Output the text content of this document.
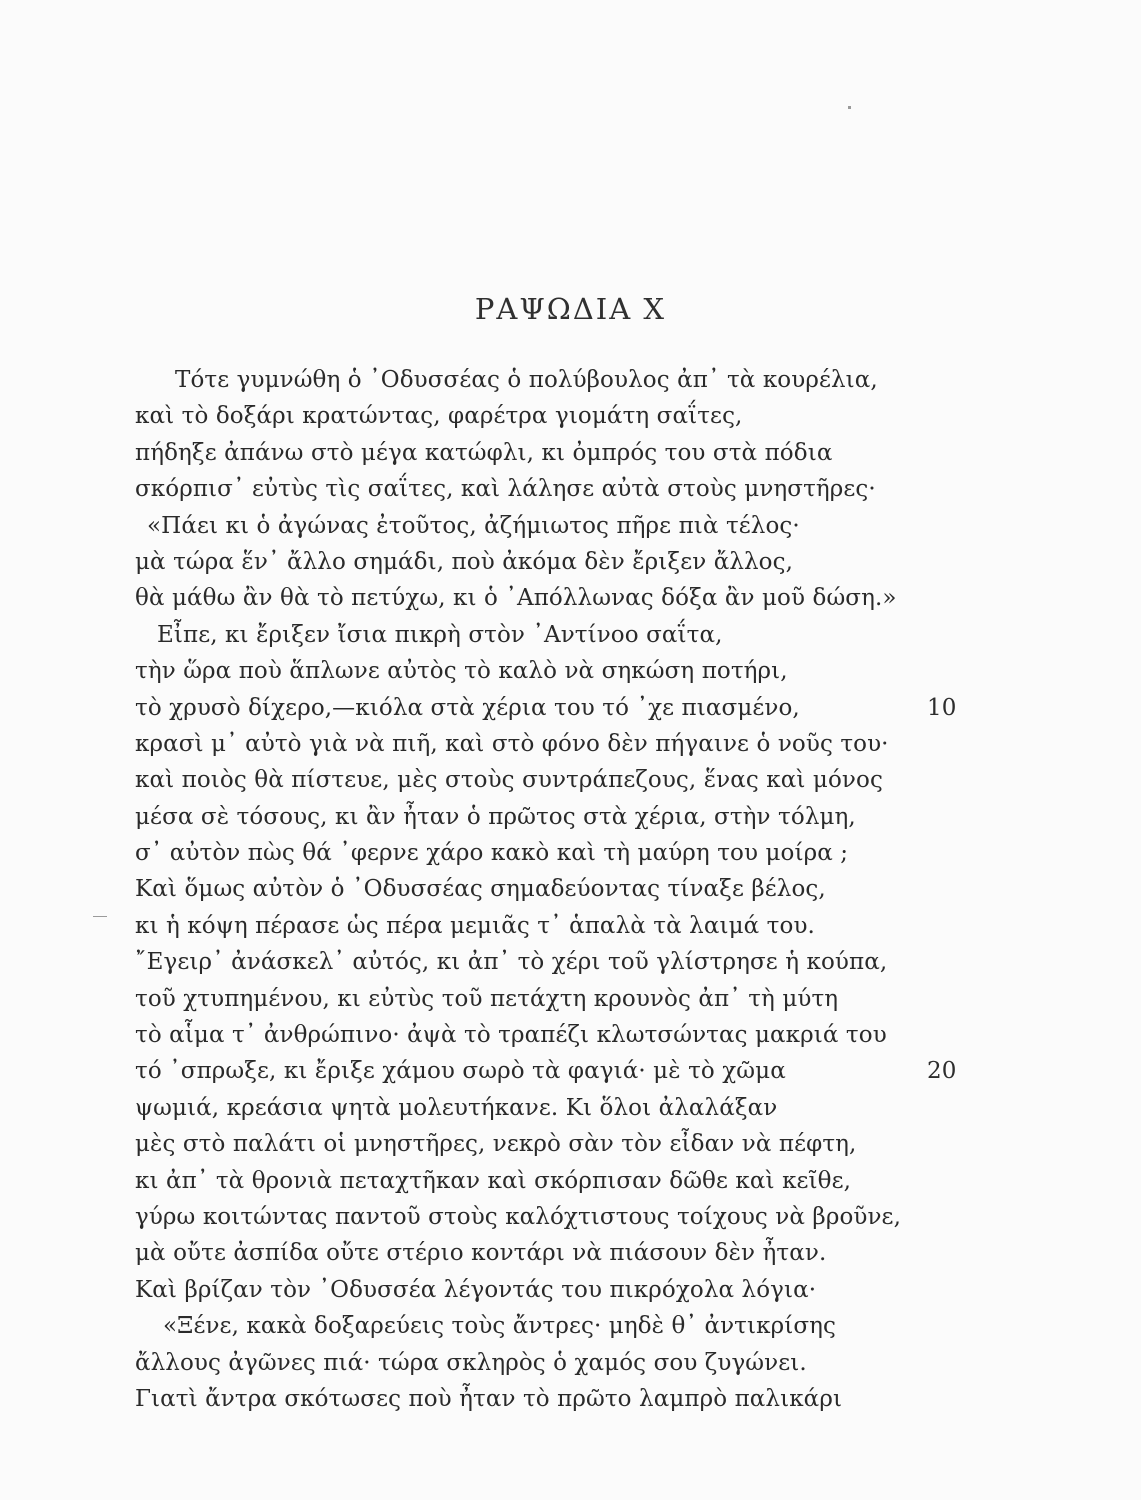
ΡΑΨΩΔΙΑ Χ
Τότε γυμνώθη ὁ ᾿Οδυσσέας ὁ πολύβουλος ἀπ᾿ τὰ κουρέλια,
καὶ τὸ δοξάρι κρατώντας, φαρέτρα γιομάτη σαΐτες,
πήδηξε ἀπάνω στὸ μέγα κατώφλι, κι ὀμπρός του στὰ πόδια
σκόρπισ᾿ εὐτὺς τὶς σαΐτες, καὶ λάλησε αὐτὰ στοὺς μνηστῆρες·
«Πάει κι ὁ ἀγώνας ἐτοῦτος, ἀζήμιωτος πῆρε πιὰ τέλος·
μὰ τώρα ἕν᾿ ἄλλο σημάδι, ποὺ ἀκόμα δὲν ἔριξεν ἄλλος,
θὰ μάθω ἂν θὰ τὸ πετύχω, κι ὁ ᾿Απόλλωνας δόξα ἂν μοῦ δώση.»
Εἶπε, κι ἔριξεν ἴσια πικρὴ στὸν ᾿Αντίνοο σαΐτα,
τὴν ὥρα ποὺ ἅπλωνε αὐτὸς τὸ καλὸ νὰ σηκώση ποτήρι,
τὸ χρυσὸ δίχερο,—κιόλα στὰ χέρια του τό ᾿χε πιασμένο,	10
κρασὶ μ᾿ αὐτὸ γιὰ νὰ πιῆ, καὶ στὸ φόνο δὲν πήγαινε ὁ νοῦς του·
καὶ ποιὸς θὰ πίστευε, μὲς στοὺς συντράπεζους, ἕνας καὶ μόνος
μέσα σὲ τόσους, κι ἂν ἦταν ὁ πρῶτος στὰ χέρια, στὴν τόλμη,
σ᾿ αὐτὸν πὼς θά ᾿φερνε χάρο κακὸ καὶ τὴ μαύρη του μοίρα ;
Καὶ ὅμως αὐτὸν ὁ ᾿Οδυσσέας σημαδεύοντας τίναξε βέλος,
κι ἡ κόψη πέρασε ὡς πέρα μεμιᾶς τ᾿ ἁπαλὰ τὰ λαιμά του.
῎Εγειρ᾿ ἀνάσκελ᾿ αὐτός, κι ἀπ᾿ τὸ χέρι τοῦ γλίστρησε ἡ κούπα,
τοῦ χτυπημένου, κι εὐτὺς τοῦ πετάχτη κρουνὸς ἀπ᾿ τὴ μύτη
τὸ αἷμα τ᾿ ἀνθρώπινο· ἀψὰ τὸ τραπέζι κλωτσώντας μακριά του
τό ᾿σπρωξε, κι ἔριξε χάμου σωρὸ τὰ φαγιά· μὲ τὸ χῶμα	20
ψωμιά, κρεάσια ψητὰ μολευτήκανε. Κι ὅλοι ἀλαλάξαν
μὲς στὸ παλάτι οἱ μνηστῆρες, νεκρὸ σὰν τὸν εἶδαν νὰ πέφτη,
κι ἀπ᾿ τὰ θρονιὰ πεταχτῆκαν καὶ σκόρπισαν δῶθε καὶ κεῖθε,
γύρω κοιτώντας παντοῦ στοὺς καλόχτιστους τοίχους νὰ βροῦνε,
μὰ οὔτε ἀσπίδα οὔτε στέριο κοντάρι νὰ πιάσουν δὲν ἦταν.
Καὶ βρίζαν τὸν ᾿Οδυσσέα λέγοντάς του πικρόχολα λόγια·
«Ξένε, κακὰ δοξαρεύεις τοὺς ἄντρες· μηδὲ θ᾿ ἀντικρίσης
ἄλλους ἀγῶνες πιά· τώρα σκληρὸς ὁ χαμός σου ζυγώνει.
Γιατὶ ἄντρα σκότωσες ποὺ ἦταν τὸ πρῶτο λαμπρὸ παλικάρι
